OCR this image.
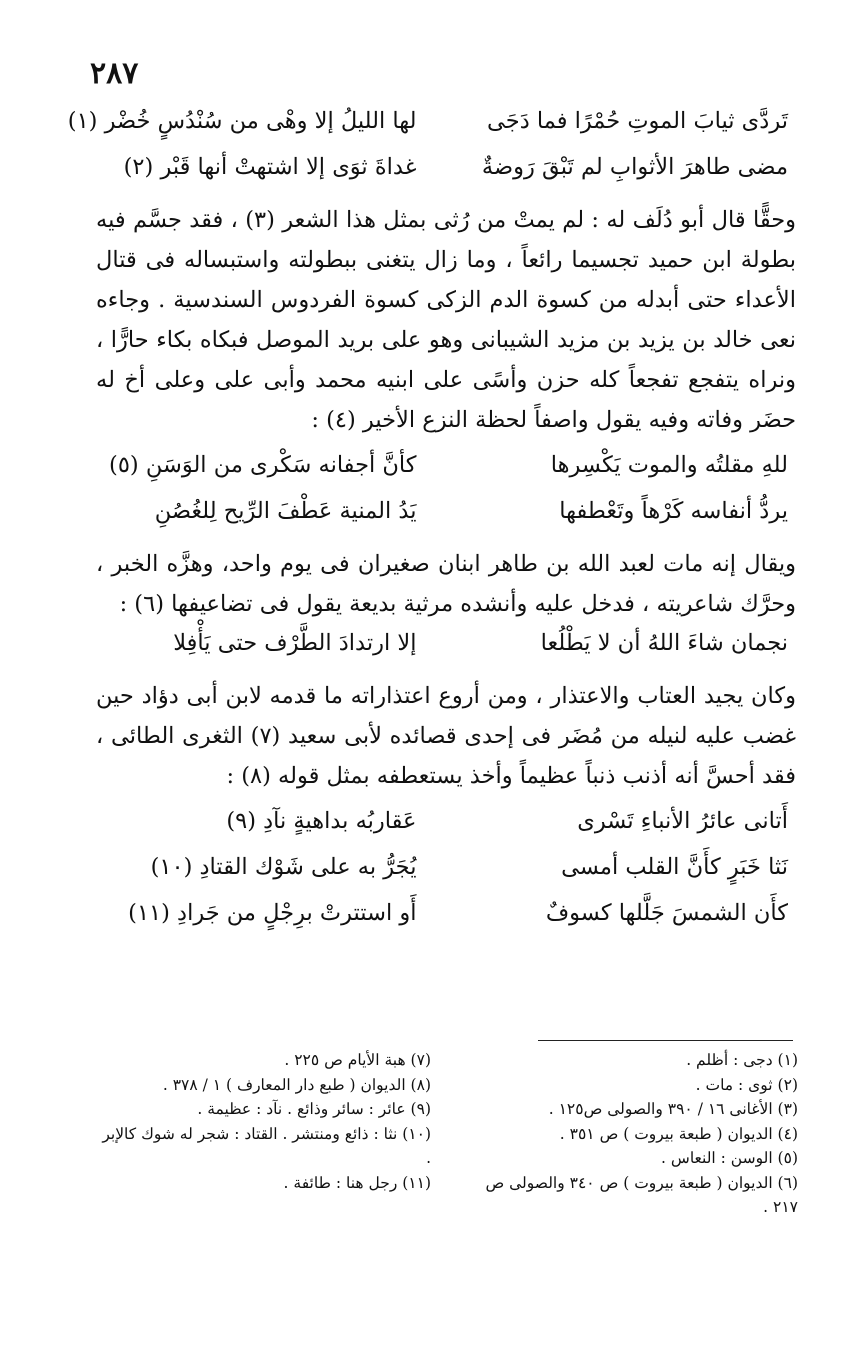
٢٨٧
تَردَّى ثيابَ الموتِ حُمْرًا فما دَجَى
لها الليلُ إلا وهْى من سُنْدُسٍ خُضْر (١)
مضى طاهرَ الأثوابِ لم تَبْقَ رَوضةٌ
غداةَ ثوَى إلا اشتهتْ أنها قَبْر (٢)

وحقًّا قال أبو دُلَف له : لم يمتْ من رُثى بمثل هذا الشعر (٣) ، فقد جسَّم فيه بطولة ابن حميد تجسيما رائعاً ، وما زال يتغنى ببطولته واستبساله فى قتال الأعداء حتى أبدله من كسوة الدم الزكى كسوة الفردوس السندسية . وجاءه نعى خالد بن يزيد بن مزيد الشيبانى وهو على بريد الموصل فبكاه بكاء حارًّا ، ونراه يتفجع تفجعاً كله حزن وأسًى على ابنيه محمد وأبى على وعلى أخ له حضَر وفاته وفيه يقول واصفاً لحظة النزع الأخير (٤) :

للهِ مقلتُه والموت يَكْسِرها
كأنَّ أجفانه سَكْرى من الوَسَنِ (٥)
يردُّ أنفاسه كَرْهاً وتَعْطفها
يَدُ المنية عَطْفَ الرِّيح لِلغُصُنِ

ويقال إنه مات لعبد الله بن طاهر ابنان صغيران فى يوم واحد، وهزَّه الخبر ، وحرَّك شاعريته ، فدخل عليه وأنشده مرثية بديعة يقول فى تضاعيفها (٦) :

نجمان شاءَ اللهُ أن لا يَطْلُعا
إلا ارتدادَ الطَّرْف حتى يَأْفِلا

وكان يجيد العتاب والاعتذار ، ومن أروع اعتذاراته ما قدمه لابن أبى دؤاد حين غضب عليه لنيله من مُضَر فى إحدى قصائده لأبى سعيد (٧) الثغرى الطائى ، فقد أحسَّ أنه أذنب ذنباً عظيماً وأخذ يستعطفه بمثل قوله (٨) :

أَتانى عائرُ الأنباءِ تَسْرى
عَقاربُه بداهيةٍ نآدِ (٩)
نَثا خَبَرٍ كأَنَّ القلب أمسى
يُجَرُّ به على شَوْك القتادِ (١٠)
كأَن الشمسَ جَلَّلها كسوفٌ
أَو استترتْ برِجْلٍ من جَرادِ (١١)
(١) دجى : أظلم .
(٢) ثوى : مات .
(٣) الأغانى ١٦ / ٣٩٠ والصولى ص١٢٥ .
(٤) الديوان ( طبعة بيروت ) ص ٣٥١ .
(٥) الوسن : النعاس .
(٦) الديوان ( طبعة بيروت ) ص ٣٤٠ والصولى ص ٢١٧ .
(٧) هبة الأيام ص ٢٢٥ .
(٨) الديوان ( طبع دار المعارف ) ١ / ٣٧٨ .
(٩) عائر : سائر وذائع . نآد : عظيمة .
(١٠) نثا : ذائع ومنتشر . القتاد : شجر له شوك كالإبر .
(١١) رجل هنا : طائفة .
